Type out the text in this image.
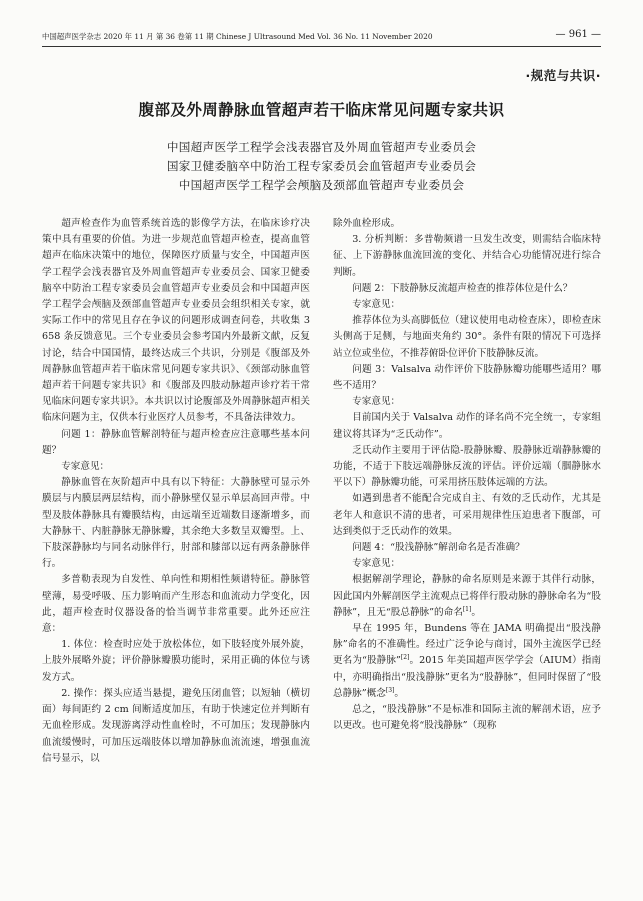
中国超声医学杂志 2020 年 11 月 第 36 卷第 11 期 Chinese J Ultrasound Med Vol. 36 No. 11 November 2020	— 961 —
·规范与共识·
腹部及外周静脉血管超声若干临床常见问题专家共识
中国超声医学工程学会浅表器官及外周血管超声专业委员会
国家卫健委脑卒中防治工程专家委员会血管超声专业委员会
中国超声医学工程学会颅脑及颈部血管超声专业委员会

超声检查作为血管系统首选的影像学方法，在临床诊疗决策中具有重要的价值。为进一步规范血管超声检查，提高血管超声在临床决策中的地位，保障医疗质量与安全，中国超声医学工程学会浅表器官及外周血管超声专业委员会、国家卫健委脑卒中防治工程专家委员会血管超声专业委员会和中国超声医学工程学会颅脑及颈部血管超声专业委员会组织相关专家，就实际工作中的常见且存在争议的问题形成调查问卷，共收集 3 658 条反馈意见。三个专业委员会参考国内外最新文献，反复讨论，结合中国国情，最终达成三个共识，分别是《腹部及外周静脉血管超声若干临床常见问题专家共识》、《颈部动脉血管超声若干问题专家共识》和《腹部及四肢动脉超声诊疗若干常见临床问题专家共识》。本共识以讨论腹部及外周静脉超声相关临床问题为主，仅供本行业医疗人员参考，不具备法律效力。

问题 1：静脉血管解剖特征与超声检查应注意哪些基本问题？

专家意见：

静脉血管在灰阶超声中具有以下特征：大静脉壁可显示外膜层与内膜层两层结构，而小静脉壁仅显示单层高回声带。中型及肢体静脉具有瓣膜结构，由远端至近端数目逐渐增多，而大静脉干、内脏静脉无静脉瓣，其余绝大多数呈双瓣型。上、下肢深静脉均与同名动脉伴行，肘部和膝部以远有两条静脉伴行。

多普勒表现为自发性、单向性和期相性频谱特征。静脉管壁薄，易受呼吸、压力影响而产生形态和血流动力学变化，因此，超声检查时仪器设备的恰当调节非常重要。此外还应注意：

1. 体位：检查时应处于放松体位，如下肢轻度外展外旋，上肢外展略外旋；评价静脉瓣膜功能时，采用正确的体位与诱发方式。

2. 操作：探头应适当悬提，避免压闭血管；以短轴（横切面）每间距约 2 cm 间断适度加压，有助于快速定位并判断有无血栓形成。发现游离浮动性血栓时，不可加压；发现静脉内血流缓慢时，可加压远端肢体以增加静脉血流流速，增强血流信号显示，以

除外血栓形成。

3. 分析判断：多普勒频谱一旦发生改变，则需结合临床特征、上下游静脉血流回流的变化、并结合心功能情况进行综合判断。

问题 2：下肢静脉反流超声检查的推荐体位是什么？

专家意见：

推荐体位为头高脚低位（建议使用电动检查床），即检查床头侧高于足侧，与地面夹角约 30°。条件有限的情况下可选择站立位或坐位，不推荐俯卧位评价下肢静脉反流。

问题 3：Valsalva 动作评价下肢静脉瓣功能哪些适用？哪些不适用？

专家意见：

目前国内关于 Valsalva 动作的译名尚不完全统一，专家组建议将其译为“乏氏动作”。

乏氏动作主要用于评估隐-股静脉瓣、股静脉近端静脉瓣的功能，不适于下肢远端静脉反流的评估。评价远端（腘静脉水平以下）静脉瓣功能，可采用挤压肢体远端的方法。

如遇到患者不能配合完成自主、有效的乏氏动作，尤其是老年人和意识不清的患者，可采用规律性压迫患者下腹部，可达到类似于乏氏动作的效果。

问题 4：“股浅静脉”解剖命名是否准确？

专家意见：

根据解剖学理论，静脉的命名原则是来源于其伴行动脉，因此国内外解剖医学主流观点已将伴行股动脉的静脉命名为“股静脉”，且无“股总静脉”的命名[1]。

早在 1995 年，Bundens 等在 JAMA 明确提出“股浅静脉”命名的不准确性。经过广泛争论与商讨，国外主流医学已经更名为“股静脉”[2]。2015 年美国超声医学学会（AIUM）指南中，亦明确指出“股浅静脉”更名为“股静脉”，但同时保留了“股总静脉”概念[3]。

总之，“股浅静脉”不是标准和国际主流的解剖术语，应予以更改。也可避免将“股浅静脉”（现称
